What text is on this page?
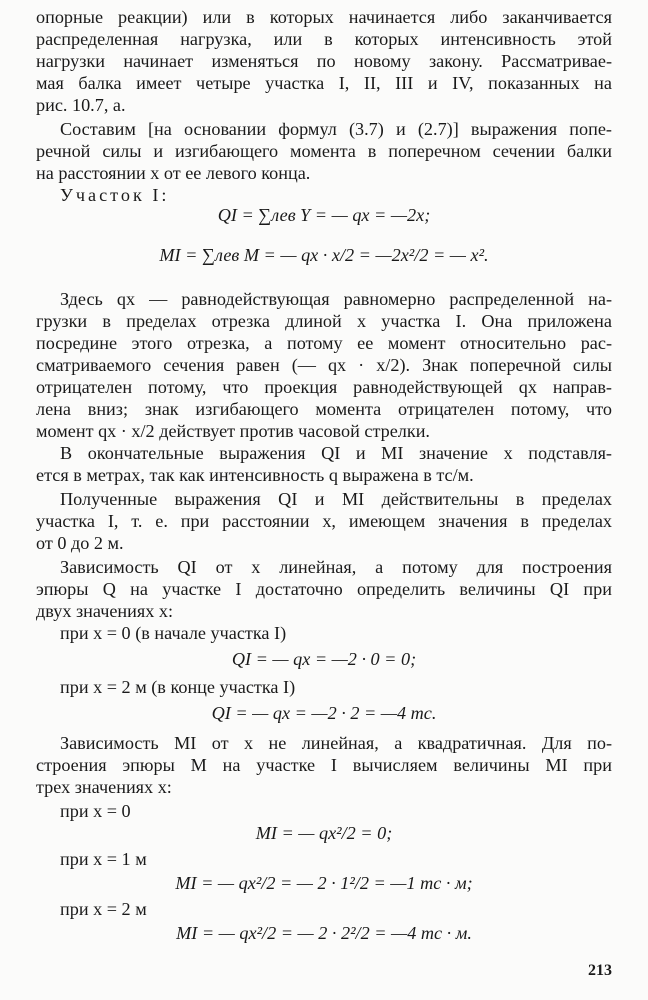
опорные реакции) или в которых начинается либо заканчивается
распределенная нагрузка, или в которых интенсивность этой
нагрузки начинает изменяться по новому закону. Рассматривае-
мая балка имеет четыре участка I, II, III и IV, показанных на
рис. 10.7, а.
Составим [на основании формул (3.7) и (2.7)] выражения попе-
речной силы и изгибающего момента в поперечном сечении балки
на расстоянии x от ее левого конца.
Участок I:
QI = ∑лев Y = — qx = —2x;
MI = ∑лев M = — qx · x/2 = —2x²/2 = — x².
Здесь qx — равнодействующая равномерно распределенной на-
грузки в пределах отрезка длиной x участка I. Она приложена
посредине этого отрезка, а потому ее момент относительно рас-
сматриваемого сечения равен (— qx · x/2). Знак поперечной силы
отрицателен потому, что проекция равнодействующей qx направ-
лена вниз; знак изгибающего момента отрицателен потому, что
момент qx · x/2 действует против часовой стрелки.
В окончательные выражения QI и MI значение x подставля-
ется в метрах, так как интенсивность q выражена в тс/м.
Полученные выражения QI и MI действительны в пределах
участка I, т. е. при расстоянии x, имеющем значения в пределах
от 0 до 2 м.
Зависимость QI от x линейная, а потому для построения
эпюры Q на участке I достаточно определить величины QI при
двух значениях x:
при x = 0 (в начале участка I)
QI = — qx = —2 · 0 = 0;
при x = 2 м (в конце участка I)
QI = — qx = —2 · 2 = —4 тс.
Зависимость MI от x не линейная, а квадратичная. Для по-
строения эпюры M на участке I вычисляем величины MI при
трех значениях x:
при x = 0
MI = — qx²/2 = 0;
при x = 1 м
MI = — qx²/2 = — 2 · 1²/2 = —1 тс · м;
при x = 2 м
MI = — qx²/2 = — 2 · 2²/2 = —4 тс · м.
213
